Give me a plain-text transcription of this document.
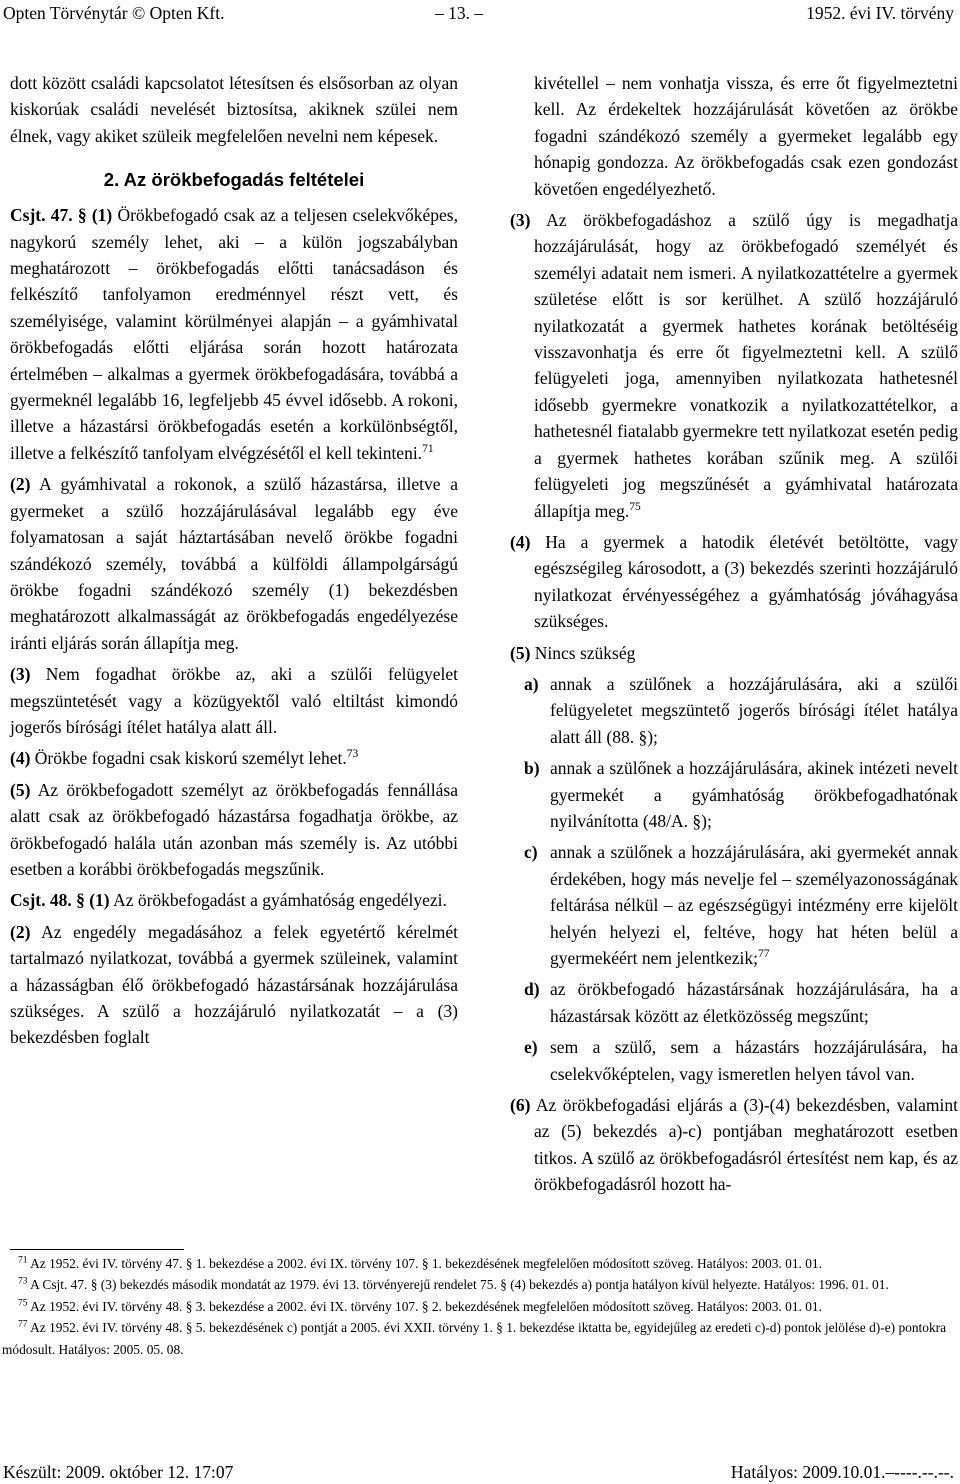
Opten Törvénytár © Opten Kft.	– 13. –	1952. évi IV. törvény

dott között családi kapcsolatot létesítsen és elsősorban az olyan kiskorúak családi nevelését biztosítsa, akiknek szülei nem élnek, vagy akiket szüleik megfelelően nevelni nem képesek.

2. Az örökbefogadás feltételei

Csjt. 47. § (1) Örökbefogadó csak az a teljesen cselekvőképes, nagykorú személy lehet, aki – a külön jogszabályban meghatározott – örökbefogadás előtti tanácsadáson és felkészítő tanfolyamon eredménnyel részt vett, és személyisége, valamint körülményei alapján – a gyámhivatal örökbefogadás előtti eljárása során hozott határozata értelmében – alkalmas a gyermek örökbefogadására, továbbá a gyermeknél legalább 16, legfeljebb 45 évvel idősebb. A rokoni, illetve a házastársi örökbefogadás esetén a korkülönbségtől, illetve a felkészítő tanfolyam elvégzésétől el kell tekinteni.$^{71}$

(2) A gyámhivatal a rokonok, a szülő házastársa, illetve a gyermeket a szülő hozzájárulásával legalább egy éve folyamatosan a saját háztartásában nevelő örökbe fogadni szándékozó személy, továbbá a külföldi állampolgárságú örökbe fogadni szándékozó személy (1) bekezdésben meghatározott alkalmasságát az örökbefogadás engedélyezése iránti eljárás során állapítja meg.

(3) Nem fogadhat örökbe az, aki a szülői felügyelet megszüntetését vagy a közügyektől való eltiltást kimondó jogerős bírósági ítélet hatálya alatt áll.

(4) Örökbe fogadni csak kiskorú személyt lehet.$^{73}$

(5) Az örökbefogadott személyt az örökbefogadás fennállása alatt csak az örökbefogadó házastársa fogadhatja örökbe, az örökbefogadó halála után azonban más személy is. Az utóbbi esetben a korábbi örökbefogadás megszűnik.

Csjt. 48. § (1) Az örökbefogadást a gyámhatóság engedélyezi.

(2) Az engedély megadásához a felek egyetértő kérelmét tartalmazó nyilatkozat, továbbá a gyermek szüleinek, valamint a házasságban élő örökbefogadó házastársának hozzájárulása szükséges. A szülő a hozzájáruló nyilatkozatát – a (3) bekezdésben foglalt

kivétellel – nem vonhatja vissza, és erre őt figyelmeztetni kell. Az érdekeltek hozzájárulását követően az örökbe fogadni szándékozó személy a gyermeket legalább egy hónapig gondozza. Az örökbefogadás csak ezen gondozást követően engedélyezhető.

(3) Az örökbefogadáshoz a szülő úgy is megadhatja hozzájárulását, hogy az örökbefogadó személyét és személyi adatait nem ismeri. A nyilatkozattételre a gyermek születése előtt is sor kerülhet. A szülő hozzájáruló nyilatkozatát a gyermek hathetes korának betöltéséig visszavonhatja és erre őt figyelmeztetni kell. A szülő felügyeleti joga, amennyiben nyilatkozata hathetesnél idősebb gyermekre vonatkozik a nyilatkozattételkor, a hathetesnél fiatalabb gyermekre tett nyilatkozat esetén pedig a gyermek hathetes korában szűnik meg. A szülői felügyeleti jog megszűnését a gyámhivatal határozata állapítja meg.$^{75}$

(4) Ha a gyermek a hatodik életévét betöltötte, vagy egészségileg károsodott, a (3) bekezdés szerinti hozzájáruló nyilatkozat érvényességéhez a gyámhatóság jóváhagyása szükséges.

(5) Nincs szükség

a) annak a szülőnek a hozzájárulására, aki a szülői felügyeletet megszüntető jogerős bírósági ítélet hatálya alatt áll (88. §);
b) annak a szülőnek a hozzájárulására, akinek intézeti nevelt gyermekét a gyámhatóság örökbefogadhatónak nyilvánította (48/A. §);
c) annak a szülőnek a hozzájárulására, aki gyermekét annak érdekében, hogy más nevelje fel – személyazonosságának feltárása nélkül – az egészségügyi intézmény erre kijelölt helyén helyezi el, feltéve, hogy hat héten belül a gyermekéért nem jelentkezik;$^{77}$
d) az örökbefogadó házastársának hozzájárulására, ha a házastársak között az életközösség megszűnt;
e) sem a szülő, sem a házastárs hozzájárulására, ha cselekvőképtelen, vagy ismeretlen helyen távol van.

(6) Az örökbefogadási eljárás a (3)-(4) bekezdésben, valamint az (5) bekezdés a)-c) pontjában meghatározott esetben titkos. A szülő az örökbefogadásról értesítést nem kap, és az örökbefogadásról hozott ha-

$^{71}$ Az 1952. évi IV. törvény 47. § 1. bekezdése a 2002. évi IX. törvény 107. § 1. bekezdésének megfelelően módosított szöveg. Hatályos: 2003. 01. 01.

$^{73}$ A Csjt. 47. § (3) bekezdés második mondatát az 1979. évi 13. törvényerejű rendelet 75. § (4) bekezdés a) pontja hatályon kívül helyezte. Hatályos: 1996. 01. 01.

$^{75}$ Az 1952. évi IV. törvény 48. § 3. bekezdése a 2002. évi IX. törvény 107. § 2. bekezdésének megfelelően módosított szöveg. Hatályos: 2003. 01. 01.

$^{77}$ Az 1952. évi IV. törvény 48. § 5. bekezdésének c) pontját a 2005. évi XXII. törvény 1. § 1. bekezdése iktatta be, egyidejűleg az eredeti c)-d) pontok jelölése d)-e) pontokra módosult. Hatályos: 2005. 05. 08.

Készült: 2009. október 12. 17:07	Hatályos: 2009.10.01.–----.--.--.
